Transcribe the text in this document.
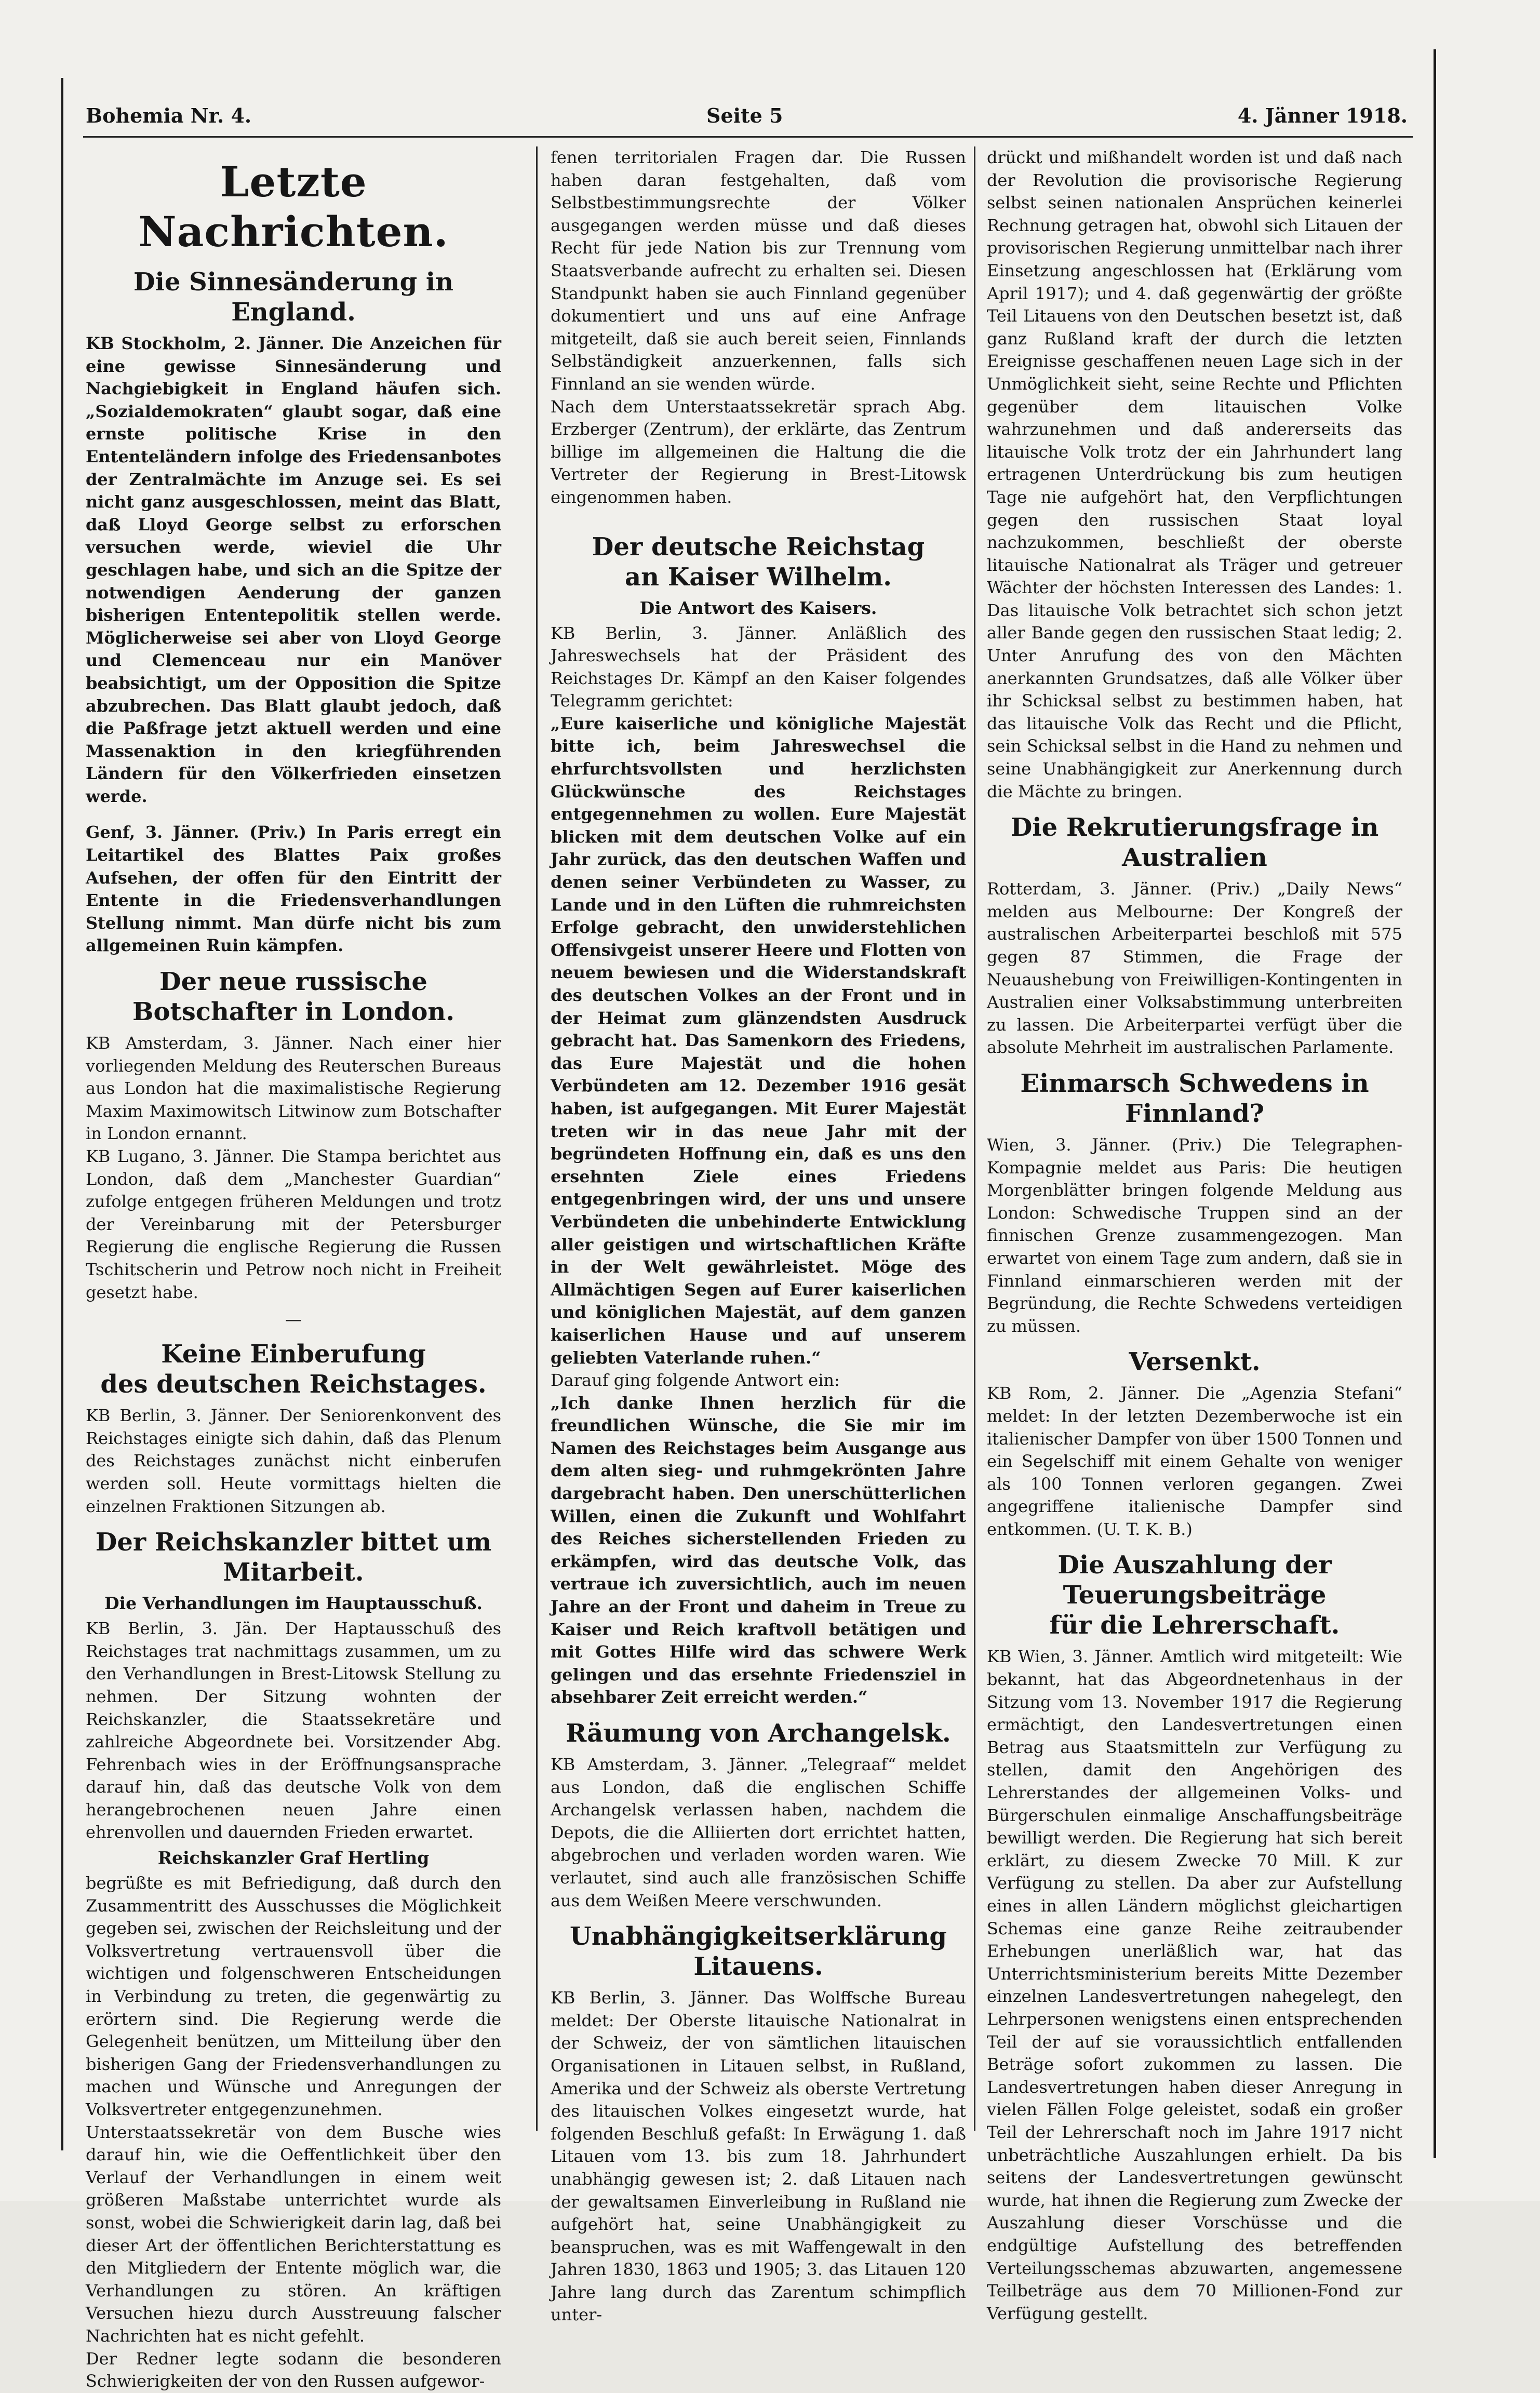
Bohemia Nr. 4.	Seite 5	4. Jänner 1918.
Letzte Nachrichten.
Die Sinnesänderung in England.

KB Stockholm, 2. Jänner. Die Anzeichen für eine gewisse Sinnesänderung und Nachgiebigkeit in England häufen sich. „Sozialdemokraten“ glaubt sogar, daß eine ernste politische Krise in den Ententeländern infolge des Friedensanbotes der Zentralmächte im Anzuge sei. Es sei nicht ganz ausgeschlossen, meint das Blatt, daß Lloyd George selbst zu erforschen versuchen werde, wieviel die Uhr geschlagen habe, und sich an die Spitze der notwendigen Aenderung der ganzen bisherigen Ententepolitik stellen werde. Möglicherweise sei aber von Lloyd George und Clemenceau nur ein Manöver beabsichtigt, um der Opposition die Spitze abzubrechen. Das Blatt glaubt jedoch, daß die Paßfrage jetzt aktuell werden und eine Massenaktion in den kriegführenden Ländern für den Völkerfrieden einsetzen werde.

Genf, 3. Jänner. (Priv.) In Paris erregt ein Leitartikel des Blattes Paix großes Aufsehen, der offen für den Eintritt der Entente in die Friedensverhandlungen Stellung nimmt. Man dürfe nicht bis zum allgemeinen Ruin kämpfen.

Der neue russische Botschafter in London.

KB Amsterdam, 3. Jänner. Nach einer hier vorliegenden Meldung des Reuterschen Bureaus aus London hat die maximalistische Regierung Maxim Maximowitsch Litwinow zum Botschafter in London ernannt.

KB Lugano, 3. Jänner. Die Stampa berichtet aus London, daß dem „Manchester Guardian“ zufolge entgegen früheren Meldungen und trotz der Vereinbarung mit der Petersburger Regierung die englische Regierung die Russen Tschitscherin und Petrow noch nicht in Freiheit gesetzt habe.

—
Keine Einberufung
des deutschen Reichstages.

KB Berlin, 3. Jänner. Der Seniorenkonvent des Reichstages einigte sich dahin, daß das Plenum des Reichstages zunächst nicht einberufen werden soll. Heute vormittags hielten die einzelnen Fraktionen Sitzungen ab.

Der Reichskanzler bittet um Mitarbeit.
Die Verhandlungen im Hauptausschuß.

KB Berlin, 3. Jän. Der Haptausschuß des Reichstages trat nachmittags zusammen, um zu den Verhandlungen in Brest-Litowsk Stellung zu nehmen. Der Sitzung wohnten der Reichskanzler, die Staatssekretäre und zahlreiche Abgeordnete bei. Vorsitzender Abg. Fehrenbach wies in der Eröffnungsansprache darauf hin, daß das deutsche Volk von dem herangebrochenen neuen Jahre einen ehrenvollen und dauernden Frieden erwartet.

Reichskanzler Graf Hertling

begrüßte es mit Befriedigung, daß durch den Zusammentritt des Ausschusses die Möglichkeit gegeben sei, zwischen der Reichsleitung und der Volksvertretung vertrauensvoll über die wichtigen und folgenschweren Entscheidungen in Verbindung zu treten, die gegenwärtig zu erörtern sind. Die Regierung werde die Gelegenheit benützen, um Mitteilung über den bisherigen Gang der Friedensverhandlungen zu machen und Wünsche und Anregungen der Volksvertreter entgegenzunehmen.

Unterstaatssekretär von dem Busche wies darauf hin, wie die Oeffentlichkeit über den Verlauf der Verhandlungen in einem weit größeren Maßstabe unterrichtet wurde als sonst, wobei die Schwierigkeit darin lag, daß bei dieser Art der öffentlichen Berichterstattung es den Mitgliedern der Entente möglich war, die Verhandlungen zu stören. An kräftigen Versuchen hiezu durch Ausstreuung falscher Nachrichten hat es nicht gefehlt.

Der Redner legte sodann die besonderen Schwierigkeiten der von den Russen aufgewor-

fenen territorialen Fragen dar. Die Russen haben daran festgehalten, daß vom Selbstbestimmungsrechte der Völker ausgegangen werden müsse und daß dieses Recht für jede Nation bis zur Trennung vom Staatsverbande aufrecht zu erhalten sei. Diesen Standpunkt haben sie auch Finnland gegenüber dokumentiert und uns auf eine Anfrage mitgeteilt, daß sie auch bereit seien, Finnlands Selbständigkeit anzuerkennen, falls sich Finnland an sie wenden würde.

Nach dem Unterstaatssekretär sprach Abg. Erzberger (Zentrum), der erklärte, das Zentrum billige im allgemeinen die Haltung die die Vertreter der Regierung in Brest-Litowsk eingenommen haben.

Der deutsche Reichstag
an Kaiser Wilhelm.
Die Antwort des Kaisers.

KB Berlin, 3. Jänner. Anläßlich des Jahreswechsels hat der Präsident des Reichstages Dr. Kämpf an den Kaiser folgendes Telegramm gerichtet:

„Eure kaiserliche und königliche Majestät bitte ich, beim Jahreswechsel die ehrfurchtsvollsten und herzlichsten Glückwünsche des Reichstages entgegennehmen zu wollen. Eure Majestät blicken mit dem deutschen Volke auf ein Jahr zurück, das den deutschen Waffen und denen seiner Verbündeten zu Wasser, zu Lande und in den Lüften die ruhmreichsten Erfolge gebracht, den unwiderstehlichen Offensivgeist unserer Heere und Flotten von neuem bewiesen und die Widerstandskraft des deutschen Volkes an der Front und in der Heimat zum glänzendsten Ausdruck gebracht hat. Das Samenkorn des Friedens, das Eure Majestät und die hohen Verbündeten am 12. Dezember 1916 gesät haben, ist aufgegangen. Mit Eurer Majestät treten wir in das neue Jahr mit der begründeten Hoffnung ein, daß es uns den ersehnten Ziele eines Friedens entgegenbringen wird, der uns und unsere Verbündeten die unbehinderte Entwicklung aller geistigen und wirtschaftlichen Kräfte in der Welt gewährleistet. Möge des Allmächtigen Segen auf Eurer kaiserlichen und königlichen Majestät, auf dem ganzen kaiserlichen Hause und auf unserem geliebten Vaterlande ruhen.“

Darauf ging folgende Antwort ein:

„Ich danke Ihnen herzlich für die freundlichen Wünsche, die Sie mir im Namen des Reichstages beim Ausgange aus dem alten sieg- und ruhmgekrönten Jahre dargebracht haben. Den unerschütterlichen Willen, einen die Zukunft und Wohlfahrt des Reiches sicherstellenden Frieden zu erkämpfen, wird das deutsche Volk, das vertraue ich zuversichtlich, auch im neuen Jahre an der Front und daheim in Treue zu Kaiser und Reich kraftvoll betätigen und mit Gottes Hilfe wird das schwere Werk gelingen und das ersehnte Friedensziel in absehbarer Zeit erreicht werden.“

Räumung von Archangelsk.

KB Amsterdam, 3. Jänner. „Telegraaf“ meldet aus London, daß die englischen Schiffe Archangelsk verlassen haben, nachdem die Depots, die die Alliierten dort errichtet hatten, abgebrochen und verladen worden waren. Wie verlautet, sind auch alle französischen Schiffe aus dem Weißen Meere verschwunden.

Unabhängigkeitserklärung Litauens.

KB Berlin, 3. Jänner. Das Wolffsche Bureau meldet: Der Oberste litauische Nationalrat in der Schweiz, der von sämtlichen litauischen Organisationen in Litauen selbst, in Rußland, Amerika und der Schweiz als oberste Vertretung des litauischen Volkes eingesetzt wurde, hat folgenden Beschluß gefaßt: In Erwägung 1. daß Litauen vom 13. bis zum 18. Jahrhundert unabhängig gewesen ist; 2. daß Litauen nach der gewaltsamen Einverleibung in Rußland nie aufgehört hat, seine Unabhängigkeit zu beanspruchen, was es mit Waffengewalt in den Jahren 1830, 1863 und 1905; 3. das Litauen 120 Jahre lang durch das Zarentum schimpflich unter-

drückt und mißhandelt worden ist und daß nach der Revolution die provisorische Regierung selbst seinen nationalen Ansprüchen keinerlei Rechnung getragen hat, obwohl sich Litauen der provisorischen Regierung unmittelbar nach ihrer Einsetzung angeschlossen hat (Erklärung vom April 1917); und 4. daß gegenwärtig der größte Teil Litauens von den Deutschen besetzt ist, daß ganz Rußland kraft der durch die letzten Ereignisse geschaffenen neuen Lage sich in der Unmöglichkeit sieht, seine Rechte und Pflichten gegenüber dem litauischen Volke wahrzunehmen und daß andererseits das litauische Volk trotz der ein Jahrhundert lang ertragenen Unterdrückung bis zum heutigen Tage nie aufgehört hat, den Verpflichtungen gegen den russischen Staat loyal nachzukommen, beschließt der oberste litauische Nationalrat als Träger und getreuer Wächter der höchsten Interessen des Landes: 1. Das litauische Volk betrachtet sich schon jetzt aller Bande gegen den russischen Staat ledig; 2. Unter Anrufung des von den Mächten anerkannten Grundsatzes, daß alle Völker über ihr Schicksal selbst zu bestimmen haben, hat das litauische Volk das Recht und die Pflicht, sein Schicksal selbst in die Hand zu nehmen und seine Unabhängigkeit zur Anerkennung durch die Mächte zu bringen.

Die Rekrutierungsfrage in Australien

Rotterdam, 3. Jänner. (Priv.) „Daily News“ melden aus Melbourne: Der Kongreß der australischen Arbeiterpartei beschloß mit 575 gegen 87 Stimmen, die Frage der Neuaushebung von Freiwilligen-Kontingenten in Australien einer Volksabstimmung unterbreiten zu lassen. Die Arbeiterpartei verfügt über die absolute Mehrheit im australischen Parlamente.

Einmarsch Schwedens in Finnland?

Wien, 3. Jänner. (Priv.) Die Telegraphen-Kompagnie meldet aus Paris: Die heutigen Morgenblätter bringen folgende Meldung aus London: Schwedische Truppen sind an der finnischen Grenze zusammengezogen. Man erwartet von einem Tage zum andern, daß sie in Finnland einmarschieren werden mit der Begründung, die Rechte Schwedens verteidigen zu müssen.

Versenkt.

KB Rom, 2. Jänner. Die „Agenzia Stefani“ meldet: In der letzten Dezemberwoche ist ein italienischer Dampfer von über 1500 Tonnen und ein Segelschiff mit einem Gehalte von weniger als 100 Tonnen verloren gegangen. Zwei angegriffene italienische Dampfer sind entkommen. (U. T. K. B.)

Die Auszahlung der Teuerungsbeiträge
für die Lehrerschaft.

KB Wien, 3. Jänner. Amtlich wird mitgeteilt: Wie bekannt, hat das Abgeordnetenhaus in der Sitzung vom 13. November 1917 die Regierung ermächtigt, den Landesvertretungen einen Betrag aus Staatsmitteln zur Verfügung zu stellen, damit den Angehörigen des Lehrerstandes der allgemeinen Volks- und Bürgerschulen einmalige Anschaffungsbeiträge bewilligt werden. Die Regierung hat sich bereit erklärt, zu diesem Zwecke 70 Mill. K zur Verfügung zu stellen. Da aber zur Aufstellung eines in allen Ländern möglichst gleichartigen Schemas eine ganze Reihe zeitraubender Erhebungen unerläßlich war, hat das Unterrichtsministerium bereits Mitte Dezember einzelnen Landesvertretungen nahegelegt, den Lehrpersonen wenigstens einen entsprechenden Teil der auf sie voraussichtlich entfallenden Beträge sofort zukommen zu lassen. Die Landesvertretungen haben dieser Anregung in vielen Fällen Folge geleistet, sodaß ein großer Teil der Lehrerschaft noch im Jahre 1917 nicht unbeträchtliche Auszahlungen erhielt. Da bis seitens der Landesvertretungen gewünscht wurde, hat ihnen die Regierung zum Zwecke der Auszahlung dieser Vorschüsse und die endgültige Aufstellung des betreffenden Verteilungsschemas abzuwarten, angemessene Teilbeträge aus dem 70 Millionen-Fond zur Verfügung gestellt.
